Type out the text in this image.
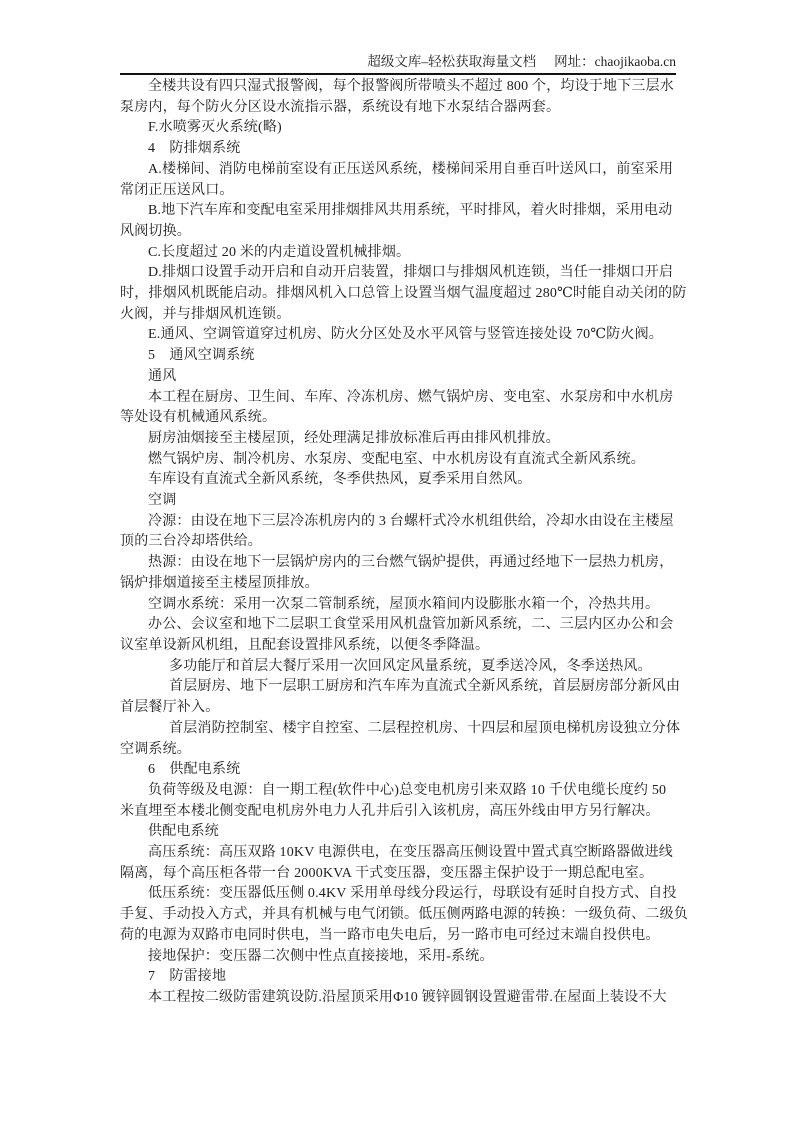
超级文库–轻松获取海量文档 网址：chaojikaoba.cn
全楼共设有四只湿式报警阀，每个报警阀所带喷头不超过 800 个，均设于地下三层水
泵房内，每个防火分区设水流指示器，系统设有地下水泵结合器两套。
F.水喷雾灭火系统(略)
4　防排烟系统
A.楼梯间、消防电梯前室设有正压送风系统，楼梯间采用自垂百叶送风口，前室采用
常闭正压送风口。
B.地下汽车库和变配电室采用排烟排风共用系统，平时排风，着火时排烟，采用电动
风阀切换。
C.长度超过 20 米的内走道设置机械排烟。
D.排烟口设置手动开启和自动开启装置，排烟口与排烟风机连锁，当任一排烟口开启
时，排烟风机既能启动。排烟风机入口总管上设置当烟气温度超过 280℃时能自动关闭的防
火阀，并与排烟风机连锁。
E.通风、空调管道穿过机房、防火分区处及水平风管与竖管连接处设 70℃防火阀。
5　通风空调系统
通风
本工程在厨房、卫生间、车库、冷冻机房、燃气锅炉房、变电室、水泵房和中水机房
等处设有机械通风系统。
厨房油烟接至主楼屋顶，经处理满足排放标准后再由排风机排放。
燃气锅炉房、制冷机房、水泵房、变配电室、中水机房设有直流式全新风系统。
车库设有直流式全新风系统，冬季供热风，夏季采用自然风。
空调
冷源：由设在地下三层冷冻机房内的 3 台螺杆式冷水机组供给，冷却水由设在主楼屋
顶的三台冷却塔供给。
热源：由设在地下一层锅炉房内的三台燃气锅炉提供，再通过经地下一层热力机房，
锅炉排烟道接至主楼屋顶排放。
空调水系统：采用一次泵二管制系统，屋顶水箱间内设膨胀水箱一个，冷热共用。
办公、会议室和地下二层职工食堂采用风机盘管加新风系统，二、三层内区办公和会
议室单设新风机组，且配套设置排风系统，以便冬季降温。
多功能厅和首层大餐厅采用一次回风定风量系统，夏季送冷风，冬季送热风。
首层厨房、地下一层职工厨房和汽车库为直流式全新风系统，首层厨房部分新风由
首层餐厅补入。
首层消防控制室、楼宇自控室、二层程控机房、十四层和屋顶电梯机房设独立分体
空调系统。
6　供配电系统
负荷等级及电源：自一期工程(软件中心)总变电机房引来双路 10 千伏电缆长度约 50
米直埋至本楼北侧变配电机房外电力人孔井后引入该机房，高压外线由甲方另行解决。
供配电系统
高压系统：高压双路 10KV 电源供电，在变压器高压侧设置中置式真空断路器做进线
隔离，每个高压柜各带一台 2000KVA 干式变压器，变压器主保护设于一期总配电室。
低压系统：变压器低压侧 0.4KV 采用单母线分段运行，母联设有延时自投方式、自投
手复、手动投入方式，并具有机械与电气闭锁。低压侧两路电源的转换：一级负荷、二级负
荷的电源为双路市电同时供电，当一路市电失电后，另一路市电可经过末端自投供电。
接地保护：变压器二次侧中性点直接接地，采用-系统。
7　防雷接地
本工程按二级防雷建筑设防.沿屋顶采用Φ10 镀锌圆钢设置避雷带.在屋面上装设不大
